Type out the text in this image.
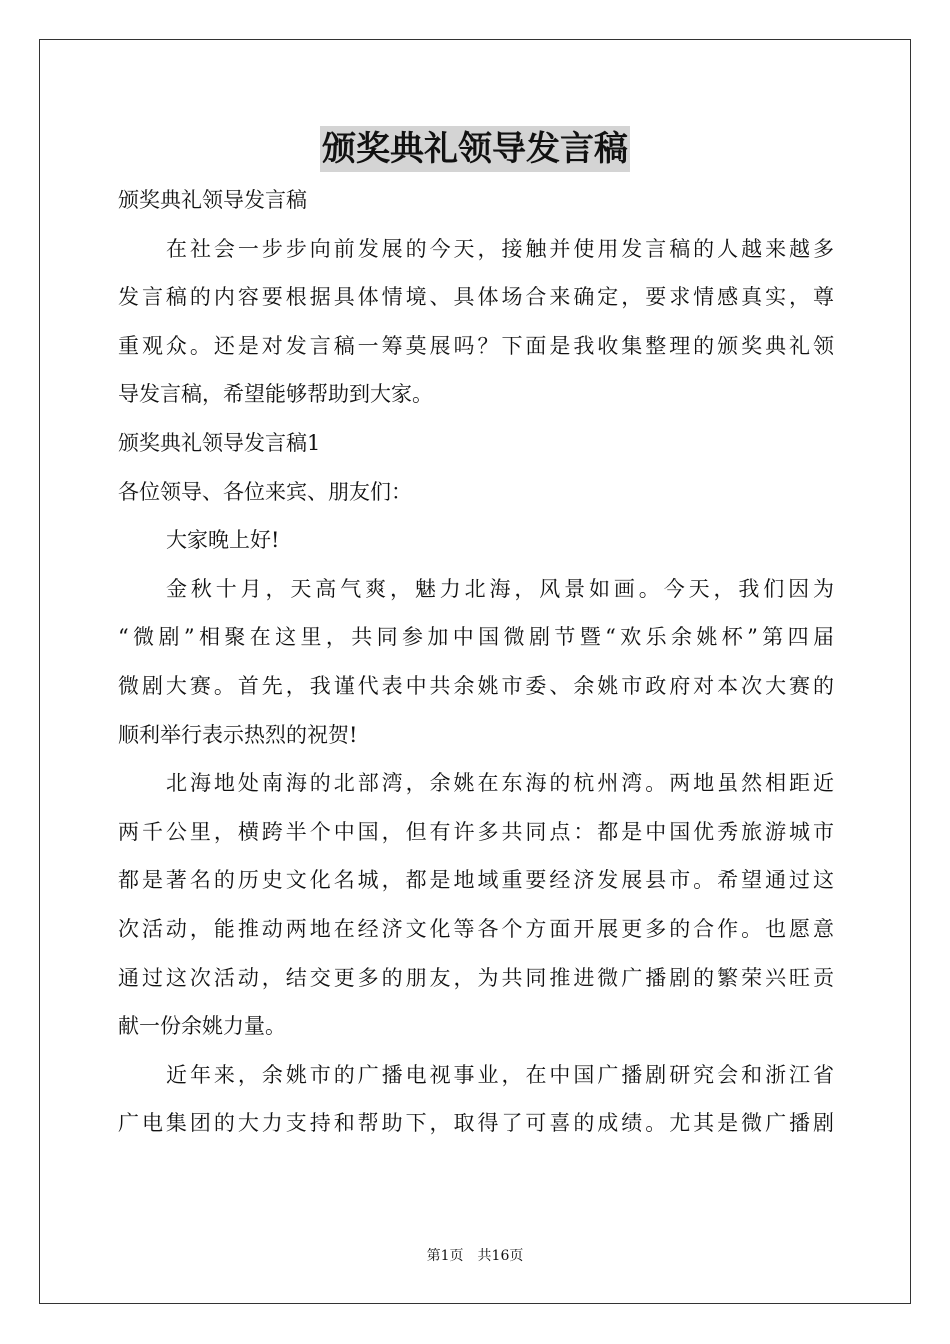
颁奖典礼领导发言稿
颁奖典礼领导发言稿
在社会一步步向前发展的今天，接触并使用发言稿的人越来越多
发言稿的内容要根据具体情境、具体场合来确定，要求情感真实，尊
重观众。还是对发言稿一筹莫展吗？下面是我收集整理的颁奖典礼领
导发言稿，希望能够帮助到大家。
颁奖典礼领导发言稿1
各位领导、各位来宾、朋友们：
大家晚上好!
金秋十月，天高气爽，魅力北海，风景如画。今天，我们因为
“微剧”相聚在这里，共同参加中国微剧节暨“欢乐余姚杯”第四届
微剧大赛。首先，我谨代表中共余姚市委、余姚市政府对本次大赛的
顺利举行表示热烈的祝贺!
北海地处南海的北部湾，余姚在东海的杭州湾。两地虽然相距近
两千公里，横跨半个中国，但有许多共同点：都是中国优秀旅游城市
都是著名的历史文化名城，都是地域重要经济发展县市。希望通过这
次活动，能推动两地在经济文化等各个方面开展更多的合作。也愿意
通过这次活动，结交更多的朋友，为共同推进微广播剧的繁荣兴旺贡
献一份余姚力量。
近年来，余姚市的广播电视事业，在中国广播剧研究会和浙江省
广电集团的大力支持和帮助下，取得了可喜的成绩。尤其是微广播剧
第1页 共16页
